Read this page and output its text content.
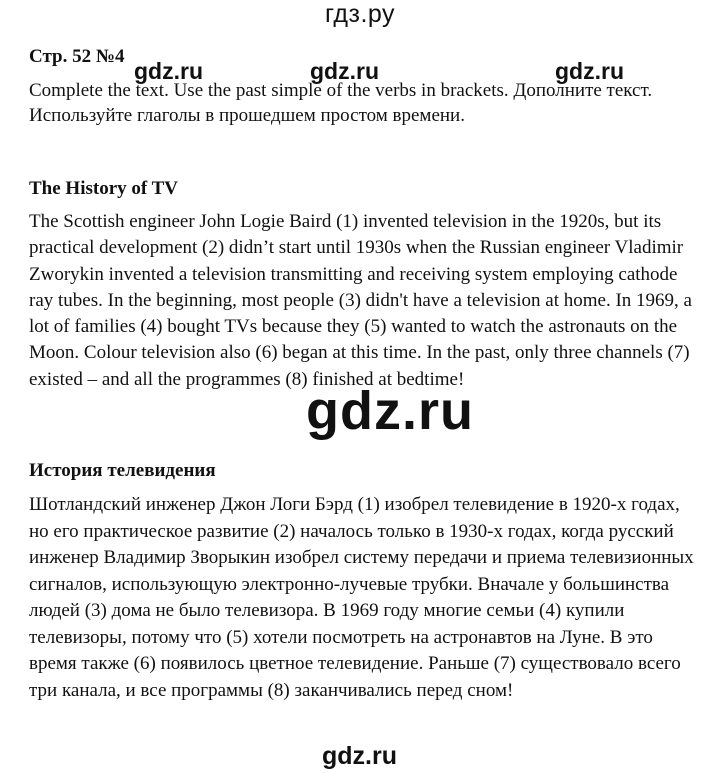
гдз.ру
Стр. 52 №4
gdz.ru	gdz.ru	gdz.ru

Complete the text. Use the past simple of the verbs in brackets. Дополните текст. Используйте глаголы в прошедшем простом времени.

The History of TV

The Scottish engineer John Logie Baird (1) invented television in the 1920s, but its practical development (2) didn’t start until 1930s when the Russian engineer Vladimir Zworykin invented a television transmitting and receiving system employing cathode ray tubes. In the beginning, most people (3) didn't have a television at home. In 1969, a lot of families (4) bought TVs because they (5) wanted to watch the astronauts on the Moon. Colour television also (6) began at this time. In the past, only three channels (7) existed – and all the programmes (8) finished at bedtime!

gdz.ru
История телевидения

Шотландский инженер Джон Логи Бэрд (1) изобрел телевидение в 1920-х годах, но его практическое развитие (2) началось только в 1930-х годах, когда русский инженер Владимир Зворыкин изобрел систему передачи и приема телевизионных сигналов, использующую электронно-лучевые трубки. Вначале у большинства людей (3) дома не было телевизора. В 1969 году многие семьи (4) купили телевизоры, потому что (5) хотели посмотреть на астронавтов на Луне. В это время также (6) появилось цветное телевидение. Раньше (7) существовало всего три канала, и все программы (8) заканчивались перед сном!

gdz.ru
